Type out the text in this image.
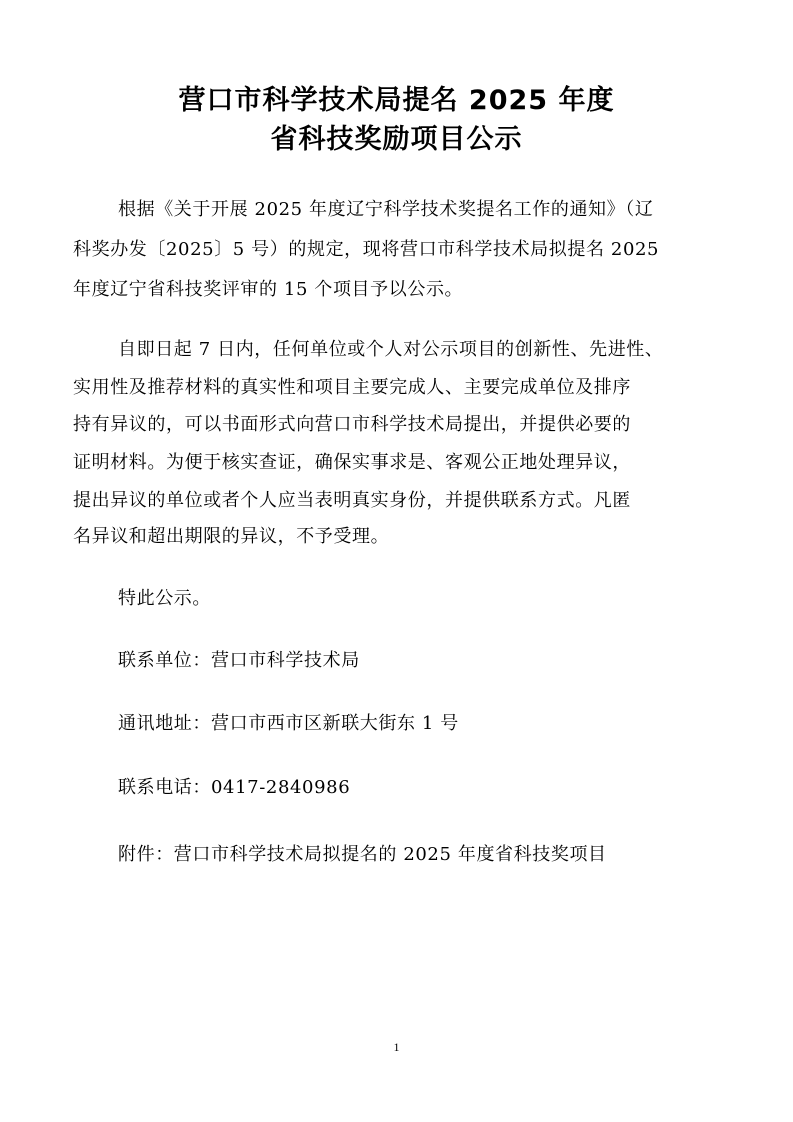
营口市科学技术局提名 2025 年度
省科技奖励项目公示
根据《关于开展 2025 年度辽宁科学技术奖提名工作的通知》（辽
科奖办发〔2025〕5 号）的规定，现将营口市科学技术局拟提名 2025
年度辽宁省科技奖评审的 15 个项目予以公示。
自即日起 7 日内，任何单位或个人对公示项目的创新性、先进性、
实用性及推荐材料的真实性和项目主要完成人、主要完成单位及排序
持有异议的，可以书面形式向营口市科学技术局提出，并提供必要的
证明材料。为便于核实查证，确保实事求是、客观公正地处理异议，
提出异议的单位或者个人应当表明真实身份，并提供联系方式。凡匿
名异议和超出期限的异议，不予受理。
特此公示。
联系单位：营口市科学技术局
通讯地址：营口市西市区新联大街东 1 号
联系电话：0417-2840986
附件：营口市科学技术局拟提名的 2025 年度省科技奖项目
1
